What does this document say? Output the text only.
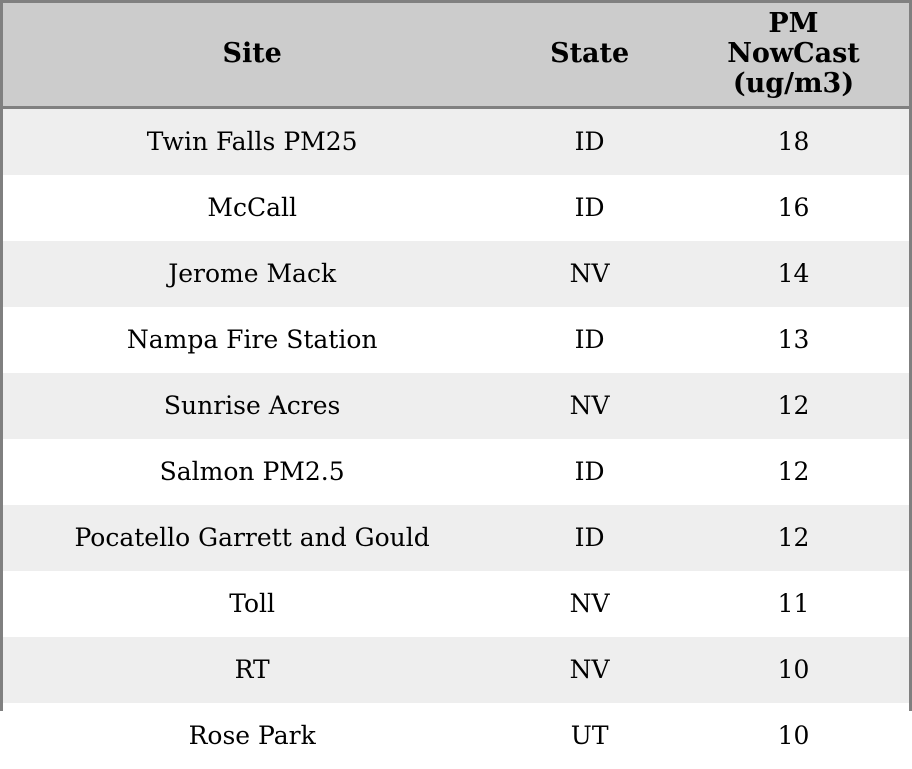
Site	State	PM
NowCast
(ug/m3)

Twin Falls PM25	ID	18
McCall	ID	16
Jerome Mack	NV	14
Nampa Fire Station	ID	13
Sunrise Acres	NV	12
Salmon PM2.5	ID	12
Pocatello Garrett and Gould	ID	12
Toll	NV	11
RT	NV	10
Rose Park	UT	10
